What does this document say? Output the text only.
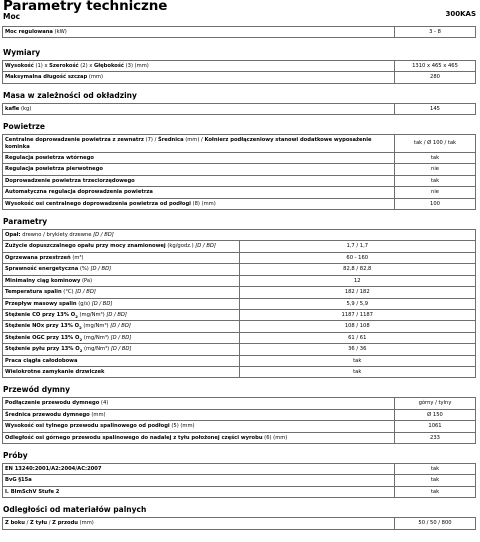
Parametry techniczne
Moc	300KAS
Moc regulowana (kW)	3 - 8
Wymiary
Wysokość (1) x Szerokość (2) x Głębokość (3) (mm)	1310 x 465 x 465
Maksymalna długość szczap (mm)	280
Masa w zależności od okładziny
kafle (kg)	145
Powietrze
Centralne doprowadzenie powietrza z zewnatrz (7) / Średnica (mm) / Kołnierz podłączeniowy stanowi dodatkowe wyposażenie kominka	tak / Ø 100 / tak
Regulacja powietrza wtórnego	tak
Regulacja powietrza pierwotnego	nie
Doprowadzenie powietrza trzeciorzędowego	tak
Automatyczna regulacja doprowadzenia powietrza	nie
Wysokość osi centralnego doprowadzenia powietrza od podłogi (8) (mm)	100
Parametry
Opał: drewno / brykiety drzewne [D / BD]	
Zużycie dopuszczalnego opału przy mocy znamionowej (kg/godz.) [D / BD]	1,7 / 1,7
Ogrzewana przestrzeń (m³)	60 - 160
Sprawność energetyczna (%) [D / BD]	82,8 / 82,8
Minimalny ciąg kominowy (Pa)	12
Temperatura spalin (°C) [D / BD]	182 / 182
Przepływ masowy spalin (g/s) [D / BD]	5,9 / 5,9
Stężenie CO przy 13% $O_2$ (mg/Nm³) [D / BD]	1187 / 1187
Stężenie NOx przy 13% $O_2$ (mg/Nm³) [D / BD]	108 / 108
Stężenie OGC przy 13% $O_2$ (mg/Nm³) [D / BD]	61 / 61
Stężenie pyłu przy 13% $O_2$ (mg/Nm³) [D / BD]	36 / 36
Praca ciągła całodobowa	tak
Wielokrotne zamykanie drzwiczek	tak
Przewód dymny
Podłączenie przewodu dymnego (4)	górny / tylny
Średnica przewodu dymnego (mm)	Ø 150
Wysokość osi tylnego przewodu spalinowego od podłogi (5) (mm)	1061
Odległość osi górnego przewodu spalinowego do nadalej z tyłu położonej części wyrobu (6) (mm)	233
Próby
EN 13240:2001/A2:2004/AC:2007	tak
BvG §15a	tak
I. BImSchV Stufe 2	tak
Odległości od materiałów palnych
Z boku / Z tyłu / Z przodu (mm)	50 / 50 / 800
